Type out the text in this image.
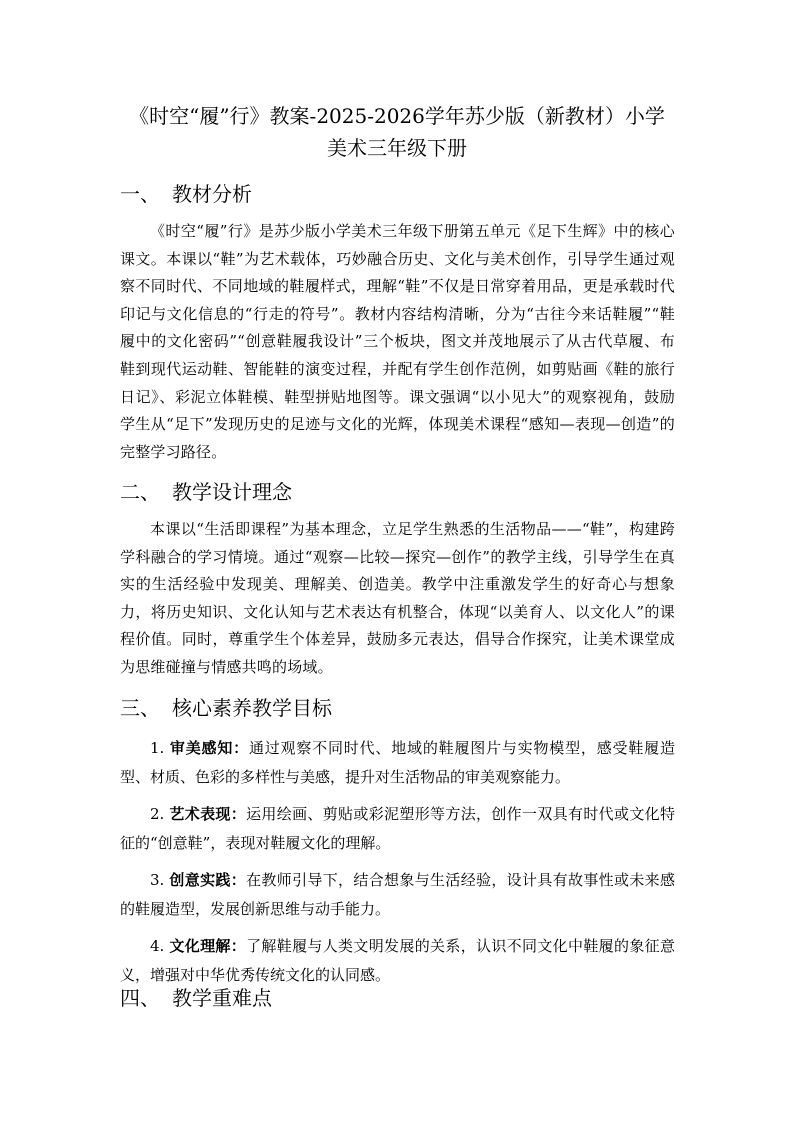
《时空“履”行》教案-2025-2026学年苏少版（新教材）小学
美术三年级下册
一、 教材分析

《时空“履”行》是苏少版小学美术三年级下册第五单元《足下生辉》中的核心课文。本课以“鞋”为艺术载体，巧妙融合历史、文化与美术创作，引导学生通过观察不同时代、不同地域的鞋履样式，理解“鞋”不仅是日常穿着用品，更是承载时代印记与文化信息的“行走的符号”。教材内容结构清晰，分为“古往今来话鞋履”“鞋履中的文化密码”“创意鞋履我设计”三个板块，图文并茂地展示了从古代草履、布鞋到现代运动鞋、智能鞋的演变过程，并配有学生创作范例，如剪贴画《鞋的旅行日记》、彩泥立体鞋模、鞋型拼贴地图等。课文强调“以小见大”的观察视角，鼓励学生从“足下”发现历史的足迹与文化的光辉，体现美术课程“感知—表现—创造”的完整学习路径。

二、 教学设计理念

本课以“生活即课程”为基本理念，立足学生熟悉的生活物品——“鞋”，构建跨学科融合的学习情境。通过“观察—比较—探究—创作”的教学主线，引导学生在真实的生活经验中发现美、理解美、创造美。教学中注重激发学生的好奇心与想象力，将历史知识、文化认知与艺术表达有机整合，体现“以美育人、以文化人”的课程价值。同时，尊重学生个体差异，鼓励多元表达，倡导合作探究，让美术课堂成为思维碰撞与情感共鸣的场域。

三、 核心素养教学目标

1. 审美感知：通过观察不同时代、地域的鞋履图片与实物模型，感受鞋履造型、材质、色彩的多样性与美感，提升对生活物品的审美观察能力。

2. 艺术表现：运用绘画、剪贴或彩泥塑形等方法，创作一双具有时代或文化特征的“创意鞋”，表现对鞋履文化的理解。

3. 创意实践：在教师引导下，结合想象与生活经验，设计具有故事性或未来感的鞋履造型，发展创新思维与动手能力。

4. 文化理解：了解鞋履与人类文明发展的关系，认识不同文化中鞋履的象征意义，增强对中华优秀传统文化的认同感。

四、 教学重难点
